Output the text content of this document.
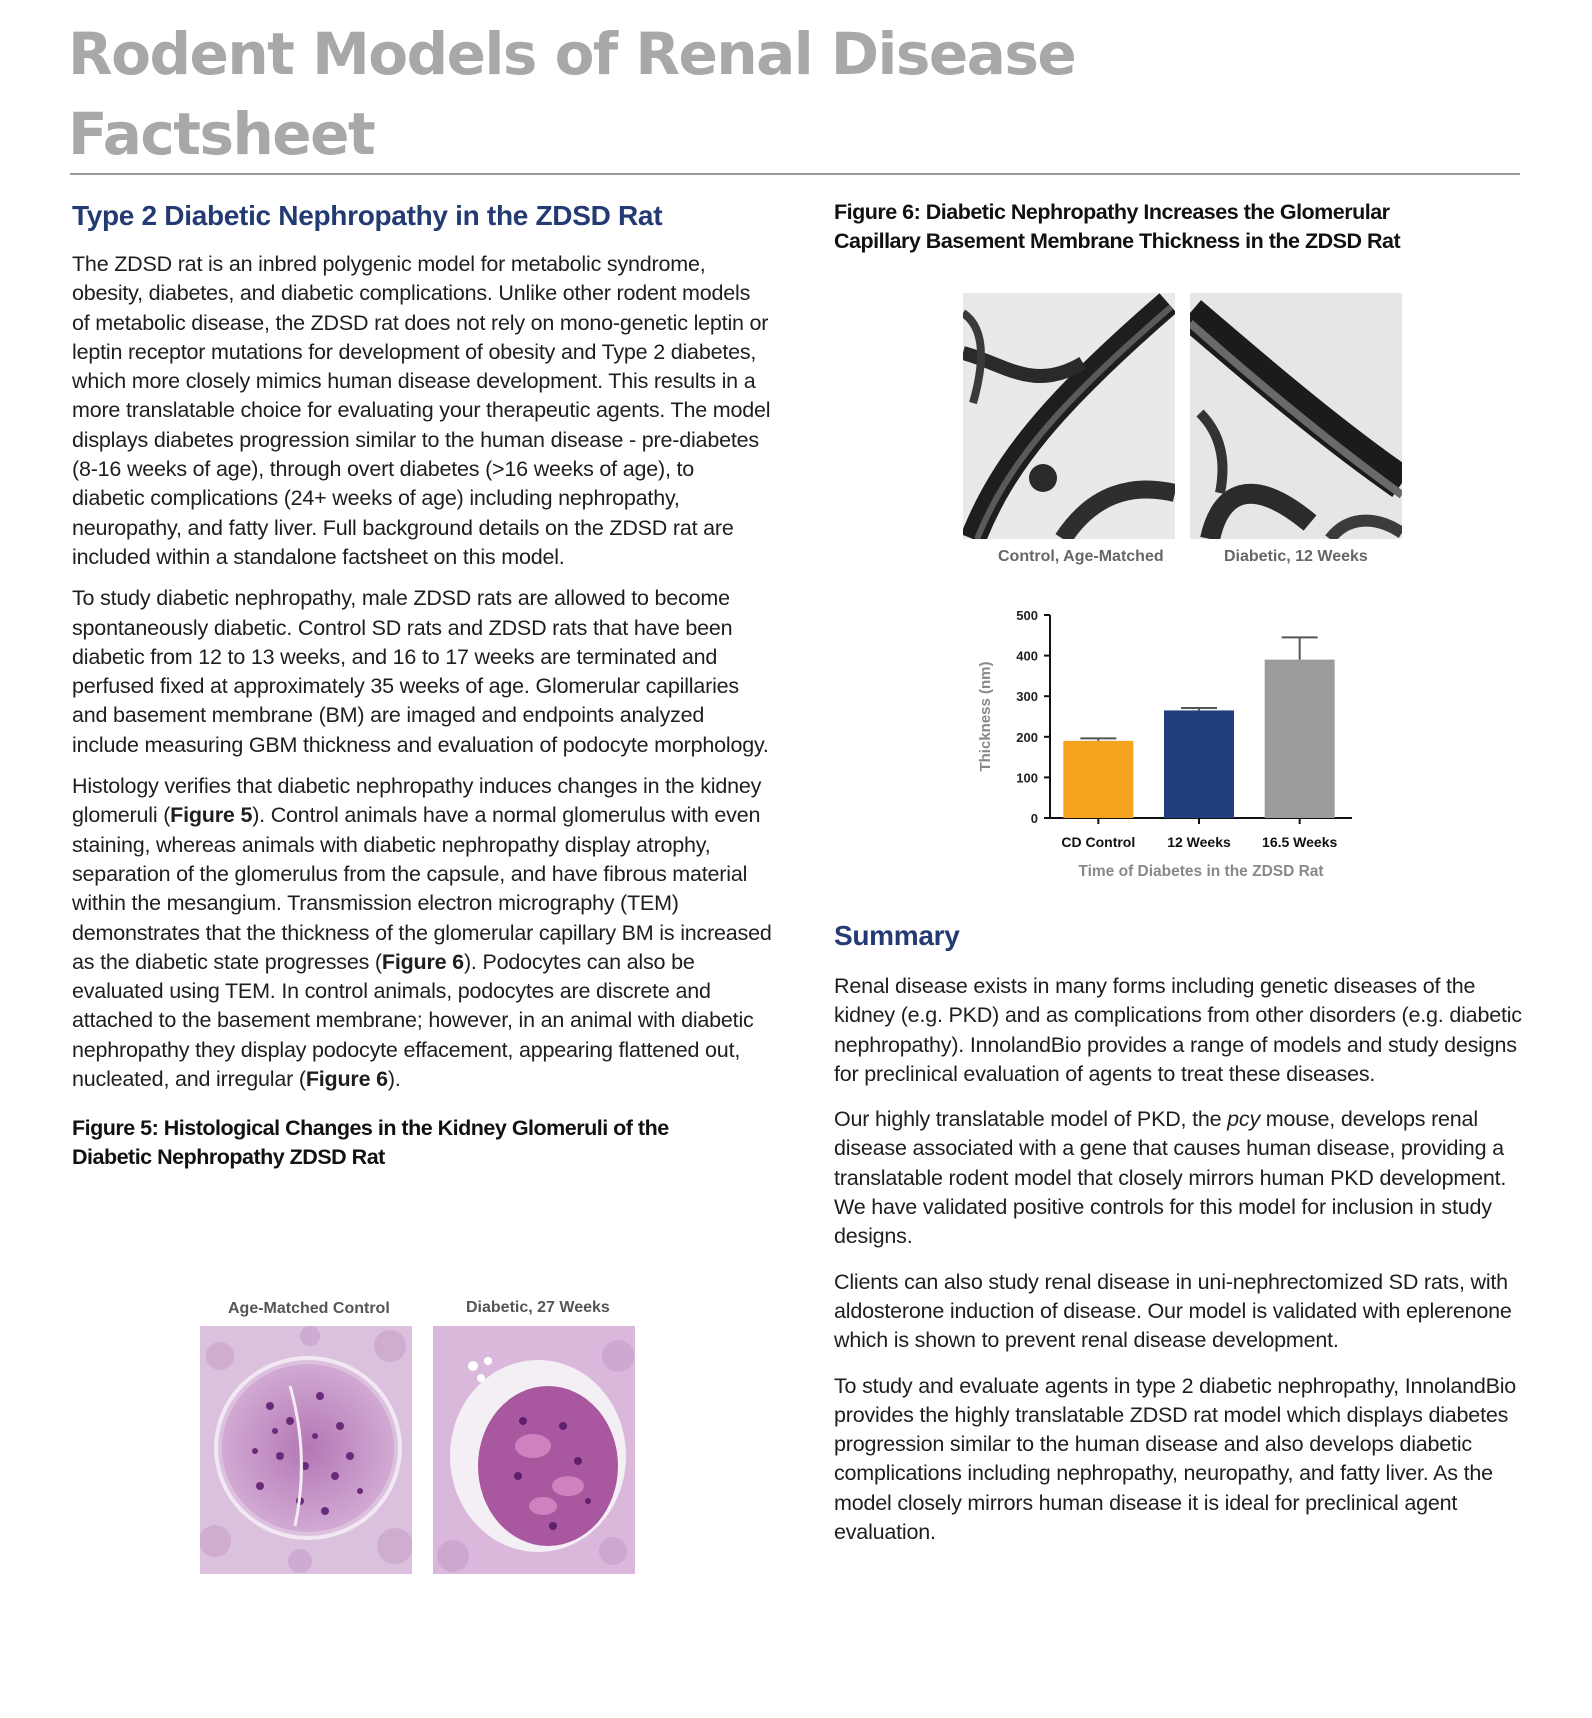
Rodent Models of Renal Disease
Factsheet
Type 2 Diabetic Nephropathy in the ZDSD Rat

The ZDSD rat is an inbred polygenic model for metabolic syndrome, obesity, diabetes, and diabetic complications. Unlike other rodent models of metabolic disease, the ZDSD rat does not rely on mono-genetic leptin or leptin receptor mutations for development of obesity and Type 2 diabetes, which more closely mimics human disease development. This results in a more translatable choice for evaluating your therapeutic agents. The model displays diabetes progression similar to the human disease - pre-diabetes (8-16 weeks of age), through overt diabetes (>16 weeks of age), to diabetic complications (24+ weeks of age) including nephropathy, neuropathy, and fatty liver. Full background details on the ZDSD rat are included within a standalone factsheet on this model.

To study diabetic nephropathy, male ZDSD rats are allowed to become spontaneously diabetic. Control SD rats and ZDSD rats that have been diabetic from 12 to 13 weeks, and 16 to 17 weeks are terminated and perfused fixed at approximately 35 weeks of age. Glomerular capillaries and basement membrane (BM) are imaged and endpoints analyzed include measuring GBM thickness and evaluation of podocyte morphology.

Histology verifies that diabetic nephropathy induces changes in the kidney glomeruli (Figure 5). Control animals have a normal glomerulus with even staining, whereas animals with diabetic nephropathy display atrophy, separation of the glomerulus from the capsule, and have fibrous material within the mesangium. Transmission electron micrography (TEM) demonstrates that the thickness of the glomerular capillary BM is increased as the diabetic state progresses (Figure 6). Podocytes can also be evaluated using TEM. In control animals, podocytes are discrete and attached to the basement membrane; however, in an animal with diabetic nephropathy they display podocyte effacement, appearing flattened out, nucleated, and irregular (Figure 6).

Figure 5: Histological Changes in the Kidney Glomeruli of the
Diabetic Nephropathy ZDSD Rat
Age-Matched Control	Diabetic, 27 Weeks
Figure 6: Diabetic Nephropathy Increases the Glomerular
Capillary Basement Membrane Thickness in the ZDSD Rat
Control, Age-Matched	Diabetic, 12 Weeks
0
100
200
300
400
500
Thickness (nm)
CD Control 12 Weeks 16.5 Weeks
Time of Diabetes in the ZDSD Rat
Summary

Renal disease exists in many forms including genetic diseases of the kidney (e.g. PKD) and as complications from other disorders (e.g. diabetic nephropathy). InnolandBio provides a range of models and study designs for preclinical evaluation of agents to treat these diseases.

Our highly translatable model of PKD, the pcy mouse, develops renal disease associated with a gene that causes human disease, providing a translatable rodent model that closely mirrors human PKD development. We have validated positive controls for this model for inclusion in study designs.

Clients can also study renal disease in uni-nephrectomized SD rats, with aldosterone induction of disease. Our model is validated with eplerenone which is shown to prevent renal disease development.

To study and evaluate agents in type 2 diabetic nephropathy, InnolandBio provides the highly translatable ZDSD rat model which displays diabetes progression similar to the human disease and also develops diabetic complications including nephropathy, neuropathy, and fatty liver. As the model closely mirrors human disease it is ideal for preclinical agent evaluation.
